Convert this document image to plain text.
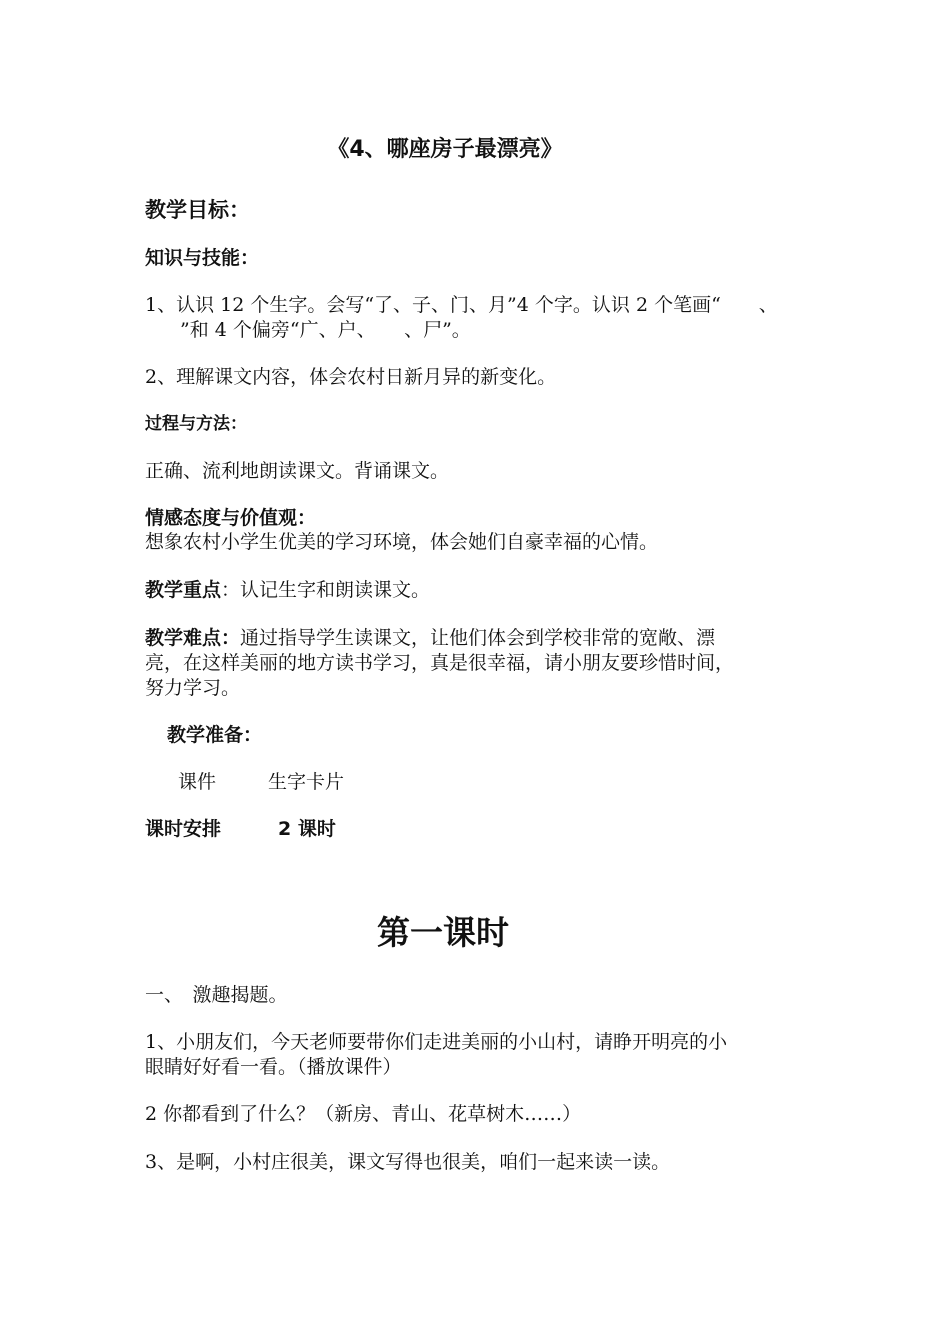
《4、哪座房子最漂亮》
教学目标：
知识与技能：
1、认识 12 个生字。会写“了、子、门、月”4 个字。认识 2 个笔画“　　、
”和 4 个偏旁“广、户、　　、尸”。
2、理解课文内容，体会农村日新月异的新变化。
过程与方法：
正确、流利地朗读课文。背诵课文。
情感态度与价值观：
想象农村小学生优美的学习环境，体会她们自豪幸福的心情。
教学重点：认记生字和朗读课文。
教学难点：通过指导学生读课文，让他们体会到学校非常的宽敞、漂
亮，在这样美丽的地方读书学习，真是很幸福，请小朋友要珍惜时间，
努力学习。
教学准备：
课件	生字卡片
课时安排	2 课时
第一课时
一、　激趣揭题。
1、小朋友们，今天老师要带你们走进美丽的小山村，请睁开明亮的小
眼睛好好看一看。（播放课件）
2 你都看到了什么？（新房、青山、花草树木……）
3、是啊，小村庄很美，课文写得也很美，咱们一起来读一读。
